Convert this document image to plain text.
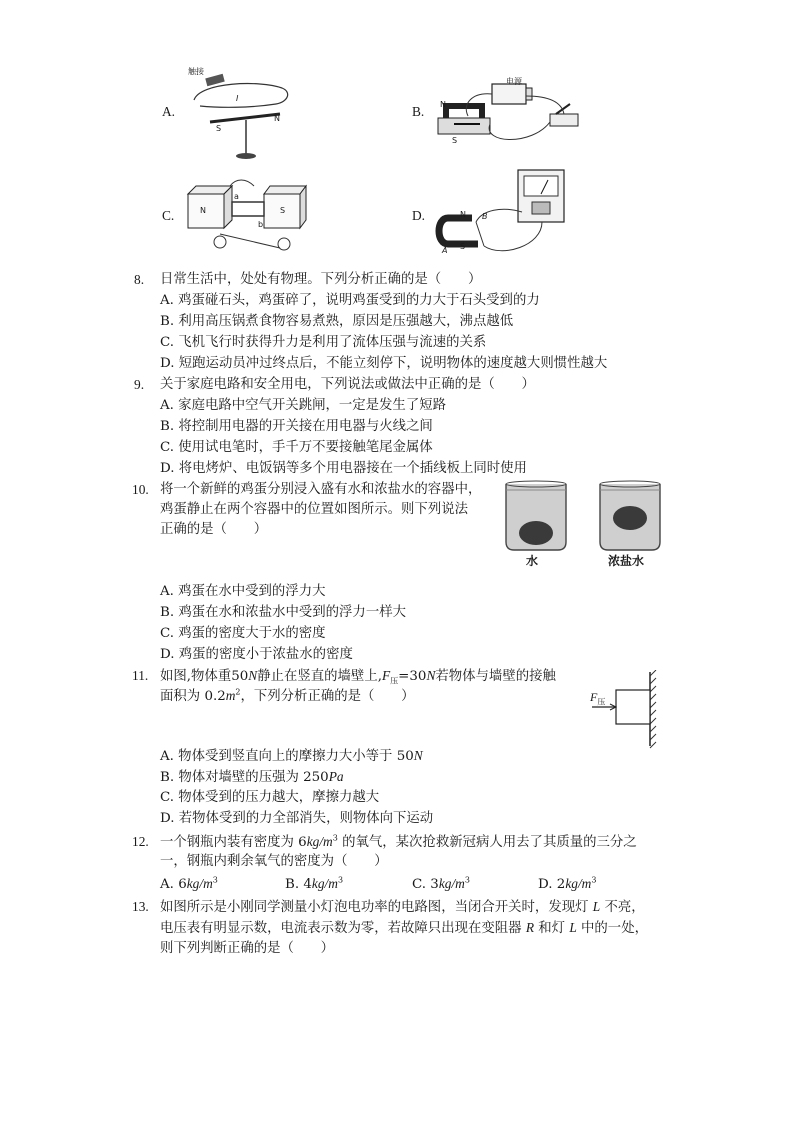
A.
触接
S
N
I
B.
电源
N
S
C.	N	S
a
b
D.	N
S
B
A
8. 日常生活中，处处有物理。下列分析正确的是（　　）
A. 鸡蛋碰石头，鸡蛋碎了，说明鸡蛋受到的力大于石头受到的力
B. 利用高压锅煮食物容易煮熟，原因是压强越大，沸点越低
C. 飞机飞行时获得升力是利用了流体压强与流速的关系
D. 短跑运动员冲过终点后，不能立刻停下，说明物体的速度越大则惯性越大
9. 关于家庭电路和安全用电，下列说法或做法中正确的是（　　）
A. 家庭电路中空气开关跳闸，一定是发生了短路
B. 将控制用电器的开关接在用电器与火线之间
C. 使用试电笔时，手千万不要接触笔尾金属体
D. 将电烤炉、电饭锅等多个用电器接在一个插线板上同时使用
10. 将一个新鲜的鸡蛋分别浸入盛有水和浓盐水的容器中，
鸡蛋静止在两个容器中的位置如图所示。则下列说法
正确的是（　　）
水	浓盐水
A. 鸡蛋在水中受到的浮力大
B. 鸡蛋在水和浓盐水中受到的浮力一样大
C. 鸡蛋的密度大于水的密度
D. 鸡蛋的密度小于浓盐水的密度
11. 如图,物体重50N静止在竖直的墙壁上$,F_压=30N$若物体与墙壁的接触
面积为 $0.2m^2$，下列分析正确的是（　　）	$F_压$
A. 物体受到竖直向上的摩擦力大小等于 50N
B. 物体对墙壁的压强为 250Pa
C. 物体受到的压力越大，摩擦力越大
D. 若物体受到的力全部消失，则物体向下运动
12. 一个钢瓶内装有密度为 $6kg/m^3$ 的氧气，某次抢救新冠病人用去了其质量的三分之
一，钢瓶内剩余氧气的密度为（　　）
A. $6kg/m^3$	B. $4kg/m^3$	C. $3kg/m^3$	D. $2kg/m^3$
13. 如图所示是小刚同学测量小灯泡电功率的电路图，当闭合开关时，发现灯 L 不亮，
电压表有明显示数，电流表示数为零，若故障只出现在变阻器 R 和灯 L 中的一处，
则下列判断正确的是（　　）
